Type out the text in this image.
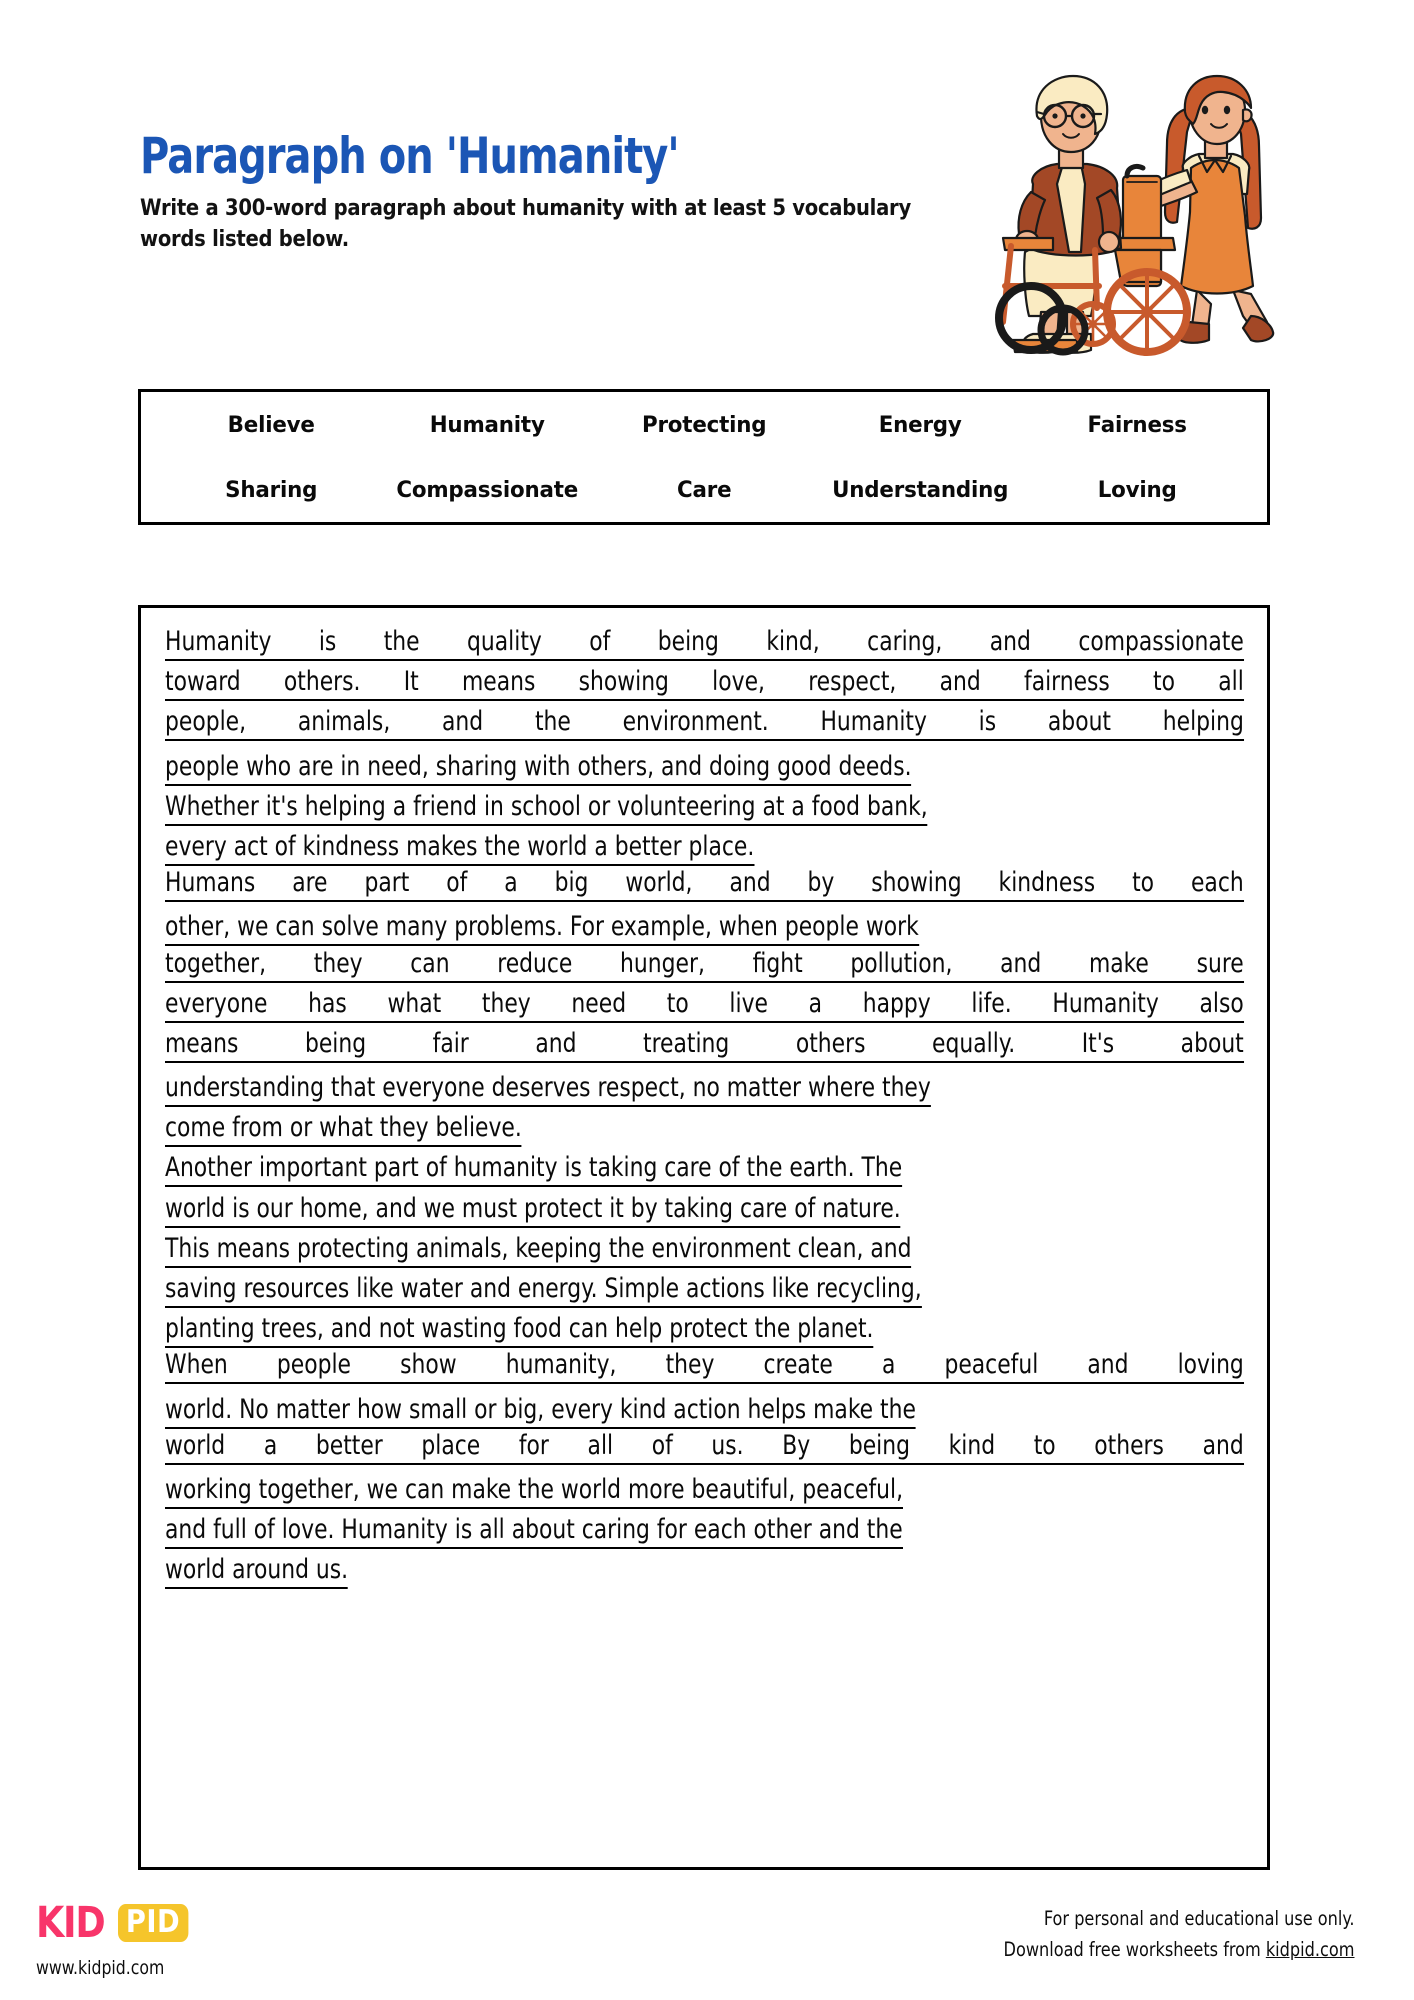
Paragraph on 'Humanity'

Write a 300-word paragraph about humanity with at least 5 vocabulary words listed below.

Believe	Humanity	Protecting	Energy	Fairness
Sharing	Compassionate	Care	Understanding	Loving
Humanity is the quality of being kind, caring, and compassionate
toward others. It means showing love, respect, and fairness to all
people, animals, and the environment. Humanity is about helping
people who are in need, sharing with others, and doing good deeds.
Whether it's helping a friend in school or volunteering at a food bank,
every act of kindness makes the world a better place.
Humans are part of a big world, and by showing kindness to each
other, we can solve many problems. For example, when people work
together, they can reduce hunger, fight pollution, and make sure
everyone has what they need to live a happy life. Humanity also
means being fair and treating others equally. It's about
understanding that everyone deserves respect, no matter where they
come from or what they believe.
Another important part of humanity is taking care of the earth. The
world is our home, and we must protect it by taking care of nature.
This means protecting animals, keeping the environment clean, and
saving resources like water and energy. Simple actions like recycling,
planting trees, and not wasting food can help protect the planet.
When people show humanity, they create a peaceful and loving
world. No matter how small or big, every kind action helps make the
world a better place for all of us. By being kind to others and
working together, we can make the world more beautiful, peaceful,
and full of love. Humanity is all about caring for each other and the
world around us.
KID PID
www.kidpid.com
For personal and educational use only.
Download free worksheets from kidpid.com
